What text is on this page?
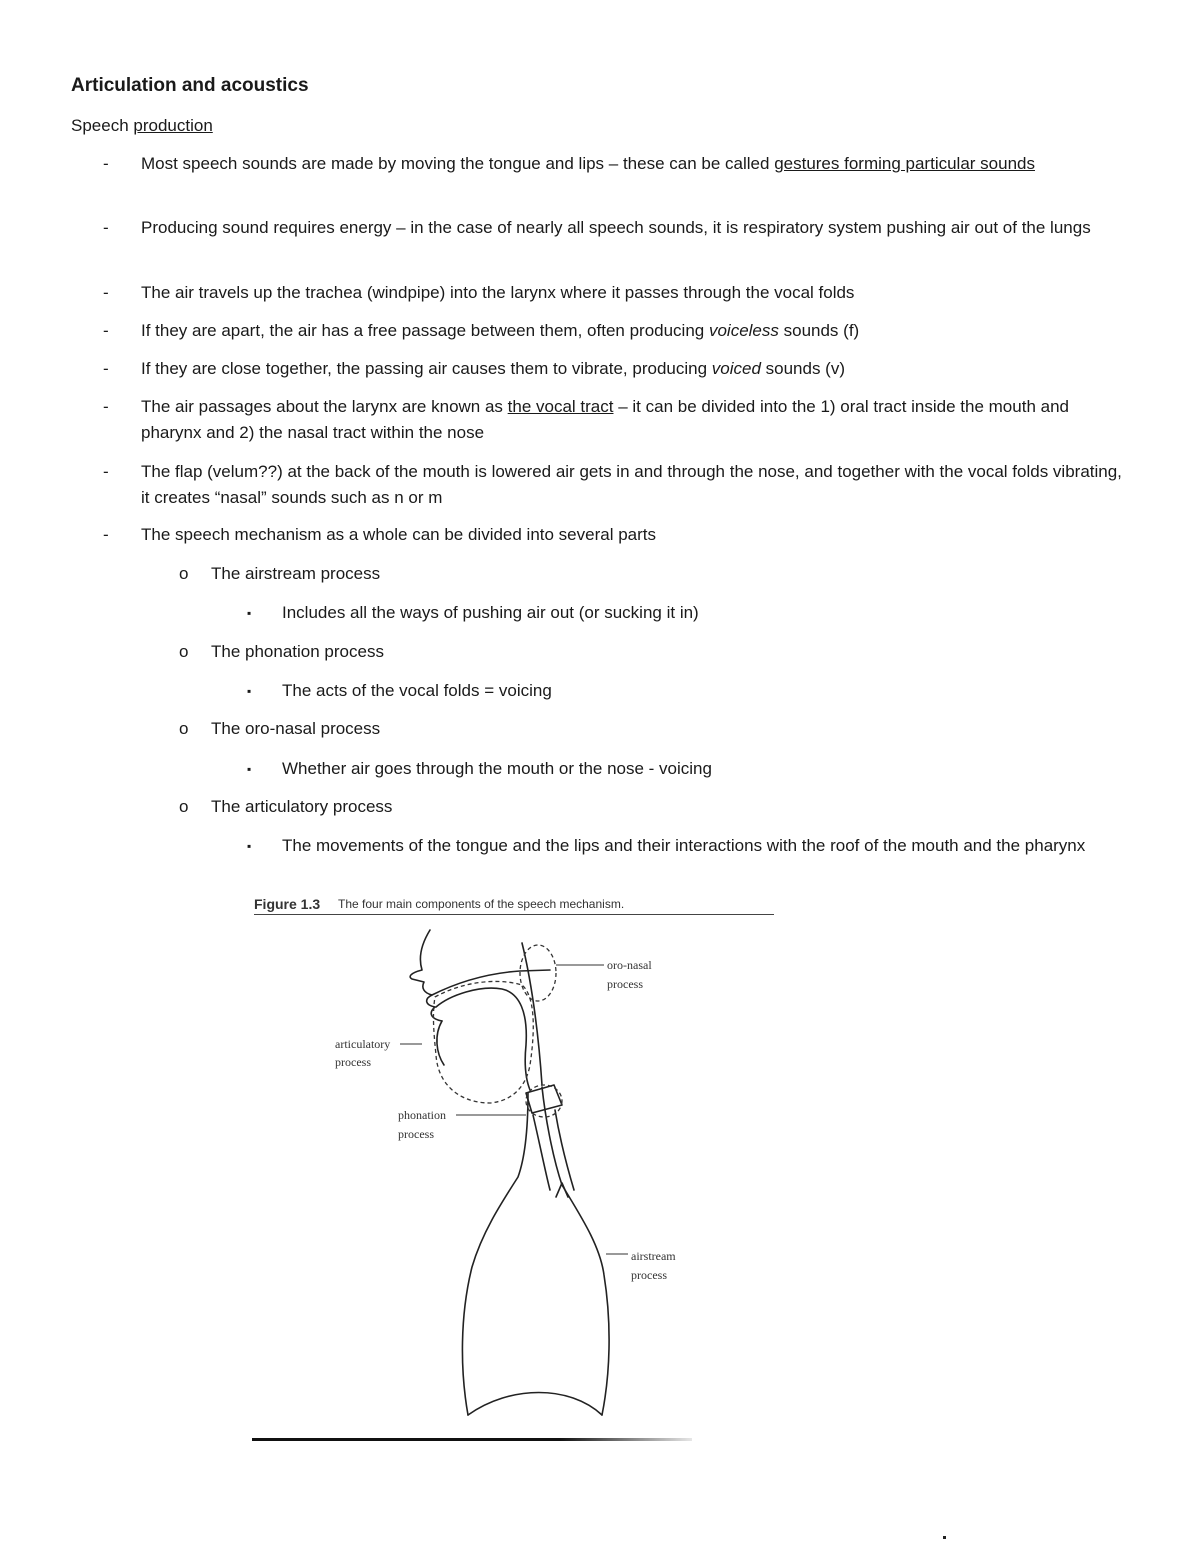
Articulation and acoustics

Speech production

- Most speech sounds are made by moving the tongue and lips – these can be called gestures forming particular sounds
- Producing sound requires energy – in the case of nearly all speech sounds, it is respiratory system pushing air out of the lungs
- The air travels up the trachea (windpipe) into the larynx where it passes through the vocal folds
- If they are apart, the air has a free passage between them, often producing voiceless sounds (f)
- If they are close together, the passing air causes them to vibrate, producing voiced sounds (v)
- The air passages about the larynx are known as the vocal tract – it can be divided into the 1) oral tract inside the mouth and pharynx and 2) the nasal tract within the nose
- The flap (velum??) at the back of the mouth is lowered air gets in and through the nose, and together with the vocal folds vibrating, it creates “nasal” sounds such as n or m
- The speech mechanism as a whole can be divided into several parts
o The airstream process
▪ Includes all the ways of pushing air out (or sucking it in)
o The phonation process
▪ The acts of the vocal folds = voicing
o The oro-nasal process
▪ Whether air goes through the mouth or the nose - voicing
o The articulatory process
▪ The movements of the tongue and the lips and their interactions with the roof of the mouth and the pharynx
Figure 1.3 The four main components of the speech mechanism.
oro-nasal
process
articulatory
process
phonation
process
airstream
process
